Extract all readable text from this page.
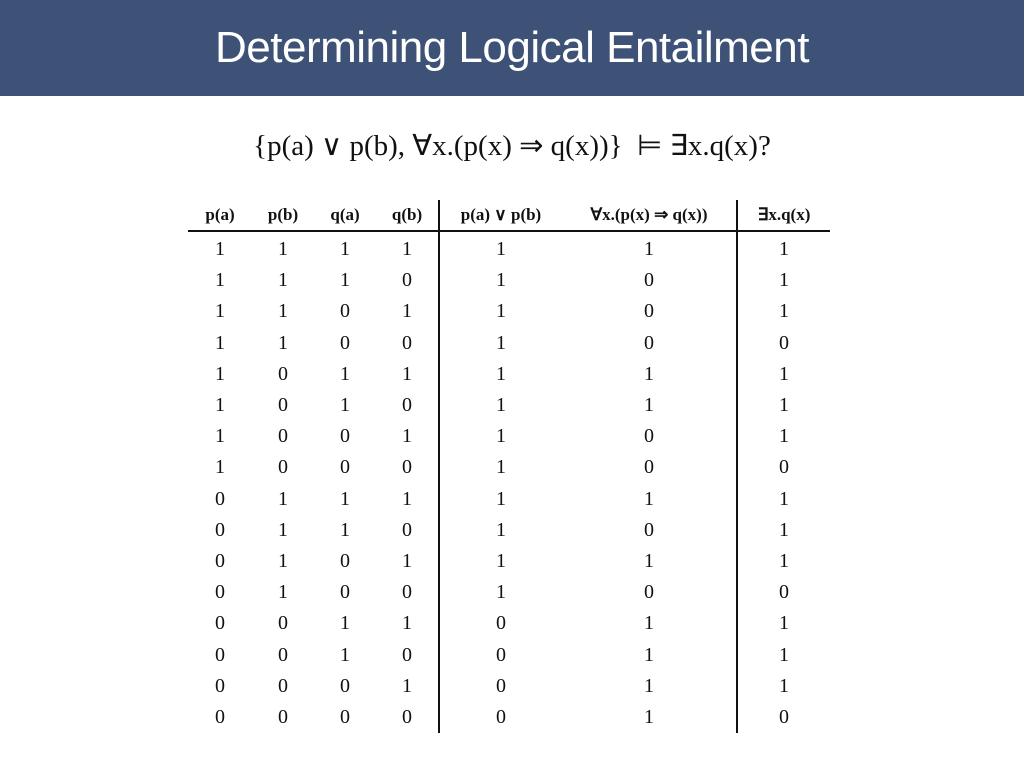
Determining Logical Entailment
{p(a) ∨ p(b), ∀x.(p(x) ⇒ q(x))}  ⊨ ∃x.q(x)?
p(a)	p(b)	q(a)	q(b)	p(a) ∨ p(b)	∀x.(p(x) ⇒ q(x))	∃x.q(x)
1	1	1	1	1	1	1
1	1	1	0	1	0	1
1	1	0	1	1	0	1
1	1	0	0	1	0	0
1	0	1	1	1	1	1
1	0	1	0	1	1	1
1	0	0	1	1	0	1
1	0	0	0	1	0	0
0	1	1	1	1	1	1
0	1	1	0	1	0	1
0	1	0	1	1	1	1
0	1	0	0	1	0	0
0	0	1	1	0	1	1
0	0	1	0	0	1	1
0	0	0	1	0	1	1
0	0	0	0	0	1	0
